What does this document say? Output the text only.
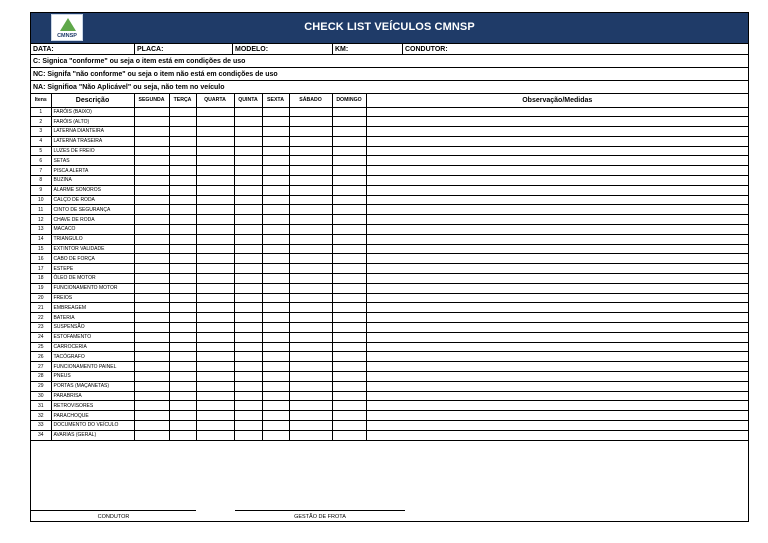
CMNSP
CHECK LIST VEÍCULOS CMNSP
DATA:	PLACA:	MODELO:	KM:	CONDUTOR:
C: Signica "conforme" ou seja o item está em condições de uso
NC: Signifa "não conforme" ou seja o item não está em condições de uso
NA: Signifioa "Não Aplicável" ou seja, não tem no veículo
Itens	Descrição	SEGUNDA	TERÇA	QUARTA	QUINTA	SEXTA	SÁBADO	DOMINGO	Observação/Medidas
1	FARÓIS (BAIXO)								
2	FARÓIS (ALTO)								
3	LATERNA DIANTEIRA								
4	LATERNA TRASEIRA								
5	LUZES DE FREIO								
6	SETAS								
7	PISCA ALERTA								
8	BUZINA								
9	ALARME SONOROS								
10	CALÇO DE RODA								
11	CINTO DE SEGURANÇA								
12	CHAVE DE RODA								
13	MACACO								
14	TRIANGULO								
15	EXTINTOR VALIDADE								
16	CABO DE FORÇA								
17	ESTEPE								
18	ÓLEO DE MOTOR								
19	FUNCIONAMENTO MOTOR								
20	FREIOS								
21	EMBREAGEM								
22	BATERIA								
23	SUSPENSÃO								
24	ESTOFAMENTO								
25	CARROCERIA								
26	TACÓGRAFO								
27	FUNCIONAMENTO PAINEL								
28	PNEUS								
29	PORTAS (MAÇANETAS)								
30	PARABRISA								
31	RETROVISORES								
32	PARACHOQUE								
33	DOCUMENTO DO VEÍCULO								
34	AVARIAS (GERAL)								
CONDUTOR	GESTÃO DE FROTA
